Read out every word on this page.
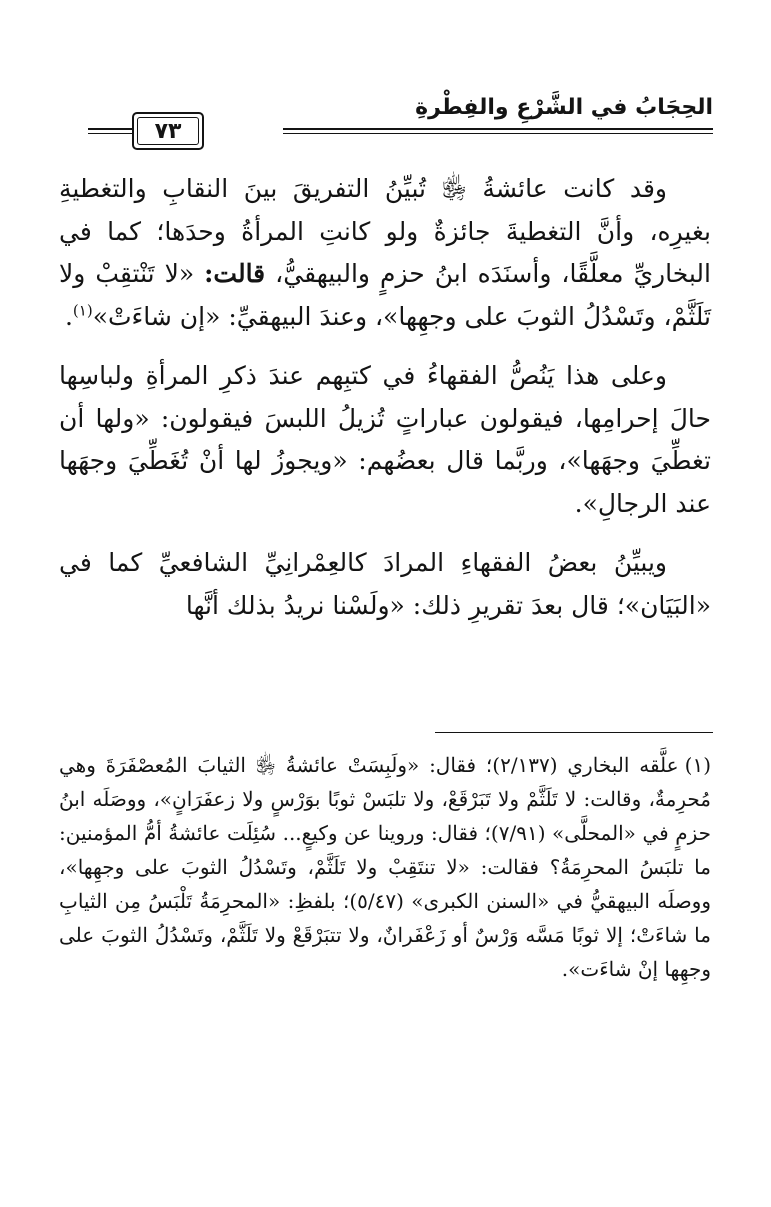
الحِجَابُ في الشَّرْعِ والفِطْرةِ
٧٣

وقد كانت عائشةُ ﵂ تُبيِّنُ التفريقَ بينَ النقابِ والتغطيةِ بغيرِه، وأنَّ التغطيةَ جائزةٌ ولو كانتِ المرأةُ وحدَها؛ كما في البخاريِّ معلَّقًا، وأسنَدَه ابنُ حزمٍ والبيهقيُّ، قالت: «لا تَنْتقِبْ ولا تَلَثَّمْ، وتَسْدُلُ الثوبَ على وجهِها»، وعندَ البيهقيِّ: «إن شاءَتْ»$^{(١)}$.

وعلى هذا يَنُصُّ الفقهاءُ في كتبِهم عندَ ذكرِ المرأةِ ولباسِها حالَ إحرامِها، فيقولون عباراتٍ تُزيلُ اللبسَ فيقولون: «ولها أن تغطِّيَ وجهَها»، وربَّما قال بعضُهم: «ويجوزُ لها أنْ تُغَطِّيَ وجهَها عند الرجالِ».

ويبيِّنُ بعضُ الفقهاءِ المرادَ كالعِمْرانِيِّ الشافعيِّ كما في «البَيَان»؛ قال بعدَ تقريرِ ذلك: «ولَسْنا نريدُ بذلك أنَّها

(١)علَّقه البخاري (٢/١٣٧)؛ فقال: «ولَبِسَتْ عائشةُ ﵂ الثيابَ المُعصْفَرَةَ وهي مُحرِمةٌ، وقالت: لا تَلَثَّمْ ولا تَبَرْقَعْ، ولا تلبَسْ ثوبًا بوَرْسٍ ولا زعفَرَانٍ»، ووصَلَه ابنُ حزمٍ في «المحلَّى» (٧/٩١)؛ فقال: وروينا عن وكيعٍ... سُئِلَت عائشةُ أمُّ المؤمنين: ما تلبَسُ المحرِمَةُ؟ فقالت: «لا تنتَقِبْ ولا تَلَثَّمْ، وتَسْدُلُ الثوبَ على وجهِها»، ووصلَه البيهقيُّ في «السنن الكبرى» (٥/٤٧)؛ بلفظِ: «المحرِمَةُ تَلْبَسُ مِن الثيابِ ما شاءَتْ؛ إلا ثوبًا مَسَّه وَرْسٌ أو زَعْفَرانٌ، ولا تتبَرْقَعْ ولا تَلَثَّمْ، وتَسْدُلُ الثوبَ على وجهِها إنْ شاءَت».
